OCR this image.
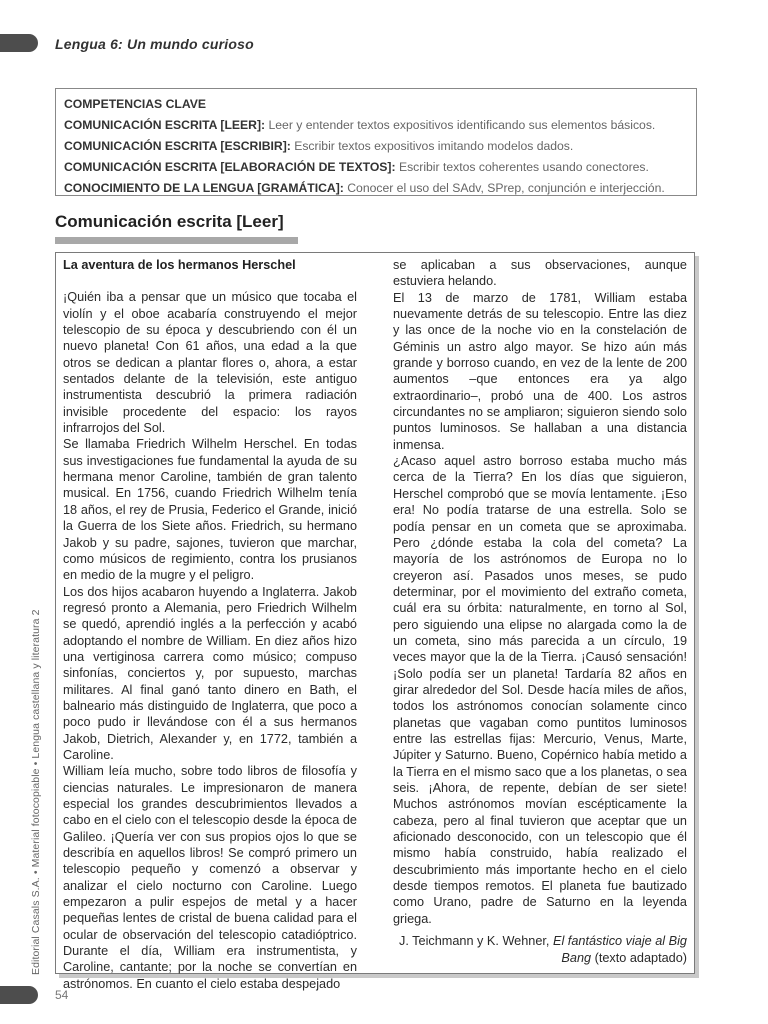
Lengua 6: Un mundo curioso
COMPETENCIAS CLAVE
COMUNICACIÓN ESCRITA [LEER]: Leer y entender textos expositivos identificando sus elementos básicos.
COMUNICACIÓN ESCRITA [ESCRIBIR]: Escribir textos expositivos imitando modelos dados.
COMUNICACIÓN ESCRITA [ELABORACIÓN DE TEXTOS]: Escribir textos coherentes usando conectores.
CONOCIMIENTO DE LA LENGUA [GRAMÁTICA]: Conocer el uso del SAdv, SPrep, conjunción e interjección.
Comunicación escrita [Leer]

La aventura de los hermanos Herschel

¡Quién iba a pensar que un músico que tocaba el violín y el oboe acabaría construyendo el mejor telescopio de su época y descubriendo con él un nuevo planeta! Con 61 años, una edad a la que otros se dedican a plantar flores o, ahora, a estar sentados delante de la televisión, este antiguo instrumentista descubrió la primera radiación invisible procedente del espacio: los rayos infrarrojos del Sol.

Se llamaba Friedrich Wilhelm Herschel. En todas sus investigaciones fue fundamental la ayuda de su hermana menor Caroline, también de gran talento musical. En 1756, cuando Friedrich Wilhelm tenía 18 años, el rey de Prusia, Federico el Grande, inició la Guerra de los Siete años. Friedrich, su hermano Jakob y su padre, sajones, tuvieron que marchar, como músicos de regimiento, contra los prusianos en medio de la mugre y el peligro.

Los dos hijos acabaron huyendo a Inglaterra. Jakob regresó pronto a Alemania, pero Friedrich Wilhelm se quedó, aprendió inglés a la perfección y acabó adoptando el nombre de William. En diez años hizo una vertiginosa carrera como músico; compuso sinfonías, conciertos y, por supuesto, marchas militares. Al final ganó tanto dinero en Bath, el balneario más distinguido de Inglaterra, que poco a poco pudo ir llevándose con él a sus hermanos Jakob, Dietrich, Alexander y, en 1772, también a Caroline.

William leía mucho, sobre todo libros de filosofía y ciencias naturales. Le impresionaron de manera especial los grandes descubrimientos llevados a cabo en el cielo con el telescopio desde la época de Galileo. ¡Quería ver con sus propios ojos lo que se describía en aquellos libros! Se compró primero un telescopio pequeño y comenzó a observar y analizar el cielo nocturno con Caroline. Luego empezaron a pulir espejos de metal y a hacer pequeñas lentes de cristal de buena calidad para el ocular de observación del telescopio catadióptrico. Durante el día, William era instrumentista, y Caroline, cantante; por la noche se convertían en astrónomos. En cuanto el cielo estaba despejado

se aplicaban a sus observaciones, aunque estuviera helando.

El 13 de marzo de 1781, William estaba nuevamente detrás de su telescopio. Entre las diez y las once de la noche vio en la constelación de Géminis un astro algo mayor. Se hizo aún más grande y borroso cuando, en vez de la lente de 200 aumentos –que entonces era ya algo extraordinario–, probó una de 400. Los astros circundantes no se ampliaron; siguieron siendo solo puntos luminosos. Se hallaban a una distancia inmensa.

¿Acaso aquel astro borroso estaba mucho más cerca de la Tierra? En los días que siguieron, Herschel comprobó que se movía lentamente. ¡Eso era! No podía tratarse de una estrella. Solo se podía pensar en un cometa que se aproximaba. Pero ¿dónde estaba la cola del cometa? La mayoría de los astrónomos de Europa no lo creyeron así. Pasados unos meses, se pudo determinar, por el movimiento del extraño cometa, cuál era su órbita: naturalmente, en torno al Sol, pero siguiendo una elipse no alargada como la de un cometa, sino más parecida a un círculo, 19 veces mayor que la de la Tierra. ¡Causó sensación! ¡Solo podía ser un planeta! Tardaría 82 años en girar alrededor del Sol. Desde hacía miles de años, todos los astrónomos conocían solamente cinco planetas que vagaban como puntitos luminosos entre las estrellas fijas: Mercurio, Venus, Marte, Júpiter y Saturno. Bueno, Copérnico había metido a la Tierra en el mismo saco que a los planetas, o sea seis. ¡Ahora, de repente, debían de ser siete! Muchos astrónomos movían escépticamente la cabeza, pero al final tuvieron que aceptar que un aficionado desconocido, con un telescopio que él mismo había construido, había realizado el descubrimiento más importante hecho en el cielo desde tiempos remotos. El planeta fue bautizado como Urano, padre de Saturno en la leyenda griega.

J. Teichmann y K. Wehner, El fantástico viaje al Big Bang (texto adaptado)
Editorial Casals S.A. • Material fotocopiable • Lengua castellana y literatura 2
54
